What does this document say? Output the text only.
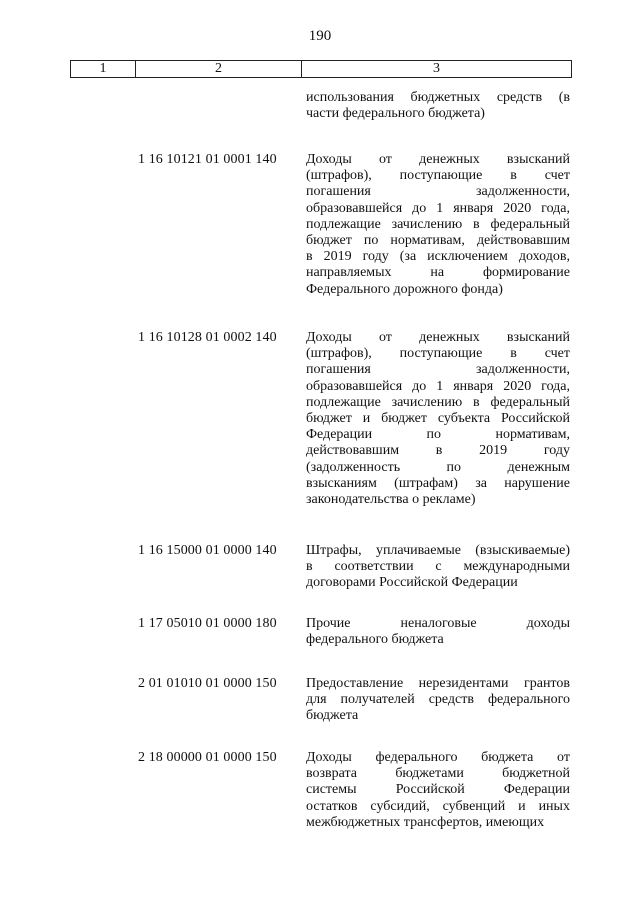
190
1	2	3
использования бюджетных средств (в
части федерального бюджета)
1 16 10121 01 0001 140	Доходы от денежных взысканий
(штрафов), поступающие в счет
погашения	задолженности,
образовавшейся до 1 января 2020 года,
подлежащие зачислению в федеральный
бюджет по нормативам, действовавшим
в 2019 году (за исключением доходов,
направляемых	на	формирование
Федерального дорожного фонда)
1 16 10128 01 0002 140	Доходы от денежных взысканий
(штрафов), поступающие в счет
погашения	задолженности,
образовавшейся до 1 января 2020 года,
подлежащие зачислению в федеральный
бюджет и бюджет субъекта Российской
Федерации	по	нормативам,
действовавшим	в	2019	году
(задолженность	по	денежным
взысканиям (штрафам) за нарушение
законодательства о рекламе)
1 16 15000 01 0000 140	Штрафы, уплачиваемые (взыскиваемые)
в соответствии с международными
договорами Российской Федерации
1 17 05010 01 0000 180	Прочие	неналоговые	доходы
федерального бюджета
2 01 01010 01 0000 150	Предоставление нерезидентами грантов
для получателей средств федерального
бюджета
2 18 00000 01 0000 150	Доходы федерального бюджета от
возврата	бюджетами	бюджетной
системы	Российской	Федерации
остатков субсидий, субвенций и иных
межбюджетных трансфертов, имеющих
